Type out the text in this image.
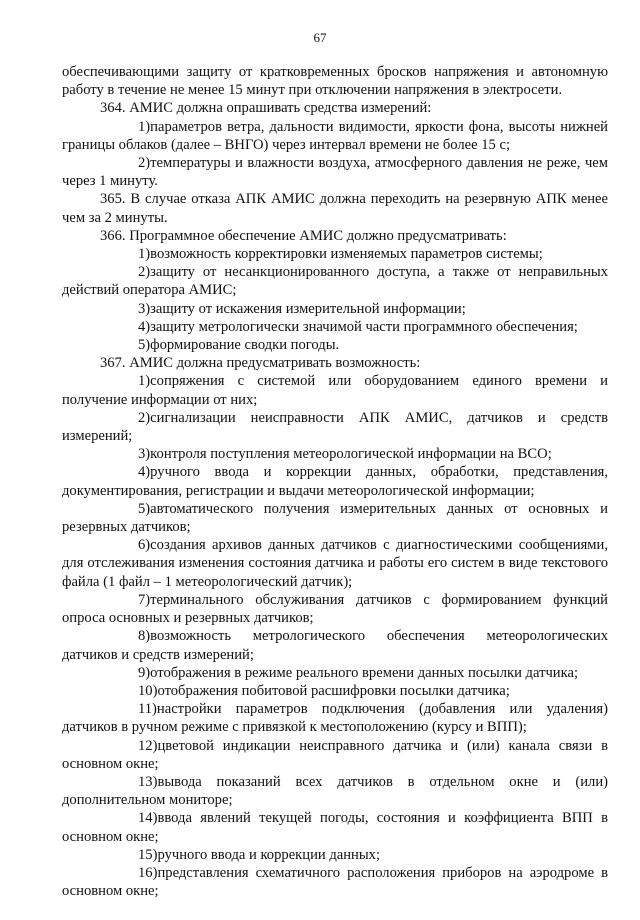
67

обеспечивающими защиту от кратковременных бросков напряжения и автономную работу в течение не менее 15 минут при отключении напряжения в электросети.

364. АМИС должна опрашивать средства измерений:

1)параметров ветра, дальности видимости, яркости фона, высоты нижней границы облаков (далее – ВНГО) через интервал времени не более 15 с;

2)температуры и влажности воздуха, атмосферного давления не реже, чем через 1 минуту.

365. В случае отказа АПК АМИС должна переходить на резервную АПК менее чем за 2 минуты.

366. Программное обеспечение АМИС должно предусматривать:

1)возможность корректировки изменяемых параметров системы;

2)защиту от несанкционированного доступа, а также от неправильных действий оператора АМИС;

3)защиту от искажения измерительной информации;

4)защиту метрологически значимой части программного обеспечения;

5)формирование сводки погоды.

367. АМИС должна предусматривать возможность:

1)сопряжения с системой или оборудованием единого времени и получение информации от них;

2)сигнализации неисправности АПК АМИС, датчиков и средств измерений;

3)контроля поступления метеорологической информации на ВСО;

4)ручного ввода и коррекции данных, обработки, представления, документирования, регистрации и выдачи метеорологической информации;

5)автоматического получения измерительных данных от основных и резервных датчиков;

6)создания архивов данных датчиков с диагностическими сообщениями, для отслеживания изменения состояния датчика и работы его систем в виде текстового файла (1 файл – 1 метеорологический датчик);

7)терминального обслуживания датчиков с формированием функций опроса основных и резервных датчиков;

8)возможность метрологического обеспечения метеорологических датчиков и средств измерений;

9)отображения в режиме реального времени данных посылки датчика;

10)отображения побитовой расшифровки посылки датчика;

11)настройки параметров подключения (добавления или удаления) датчиков в ручном режиме с привязкой к местоположению (курсу и ВПП);

12)цветовой индикации неисправного датчика и (или) канала связи в основном окне;

13)вывода показаний всех датчиков в отдельном окне и (или) дополнительном мониторе;

14)ввода явлений текущей погоды, состояния и коэффициента ВПП в основном окне;

15)ручного ввода и коррекции данных;

16)представления схематичного расположения приборов на аэродроме в основном окне;
